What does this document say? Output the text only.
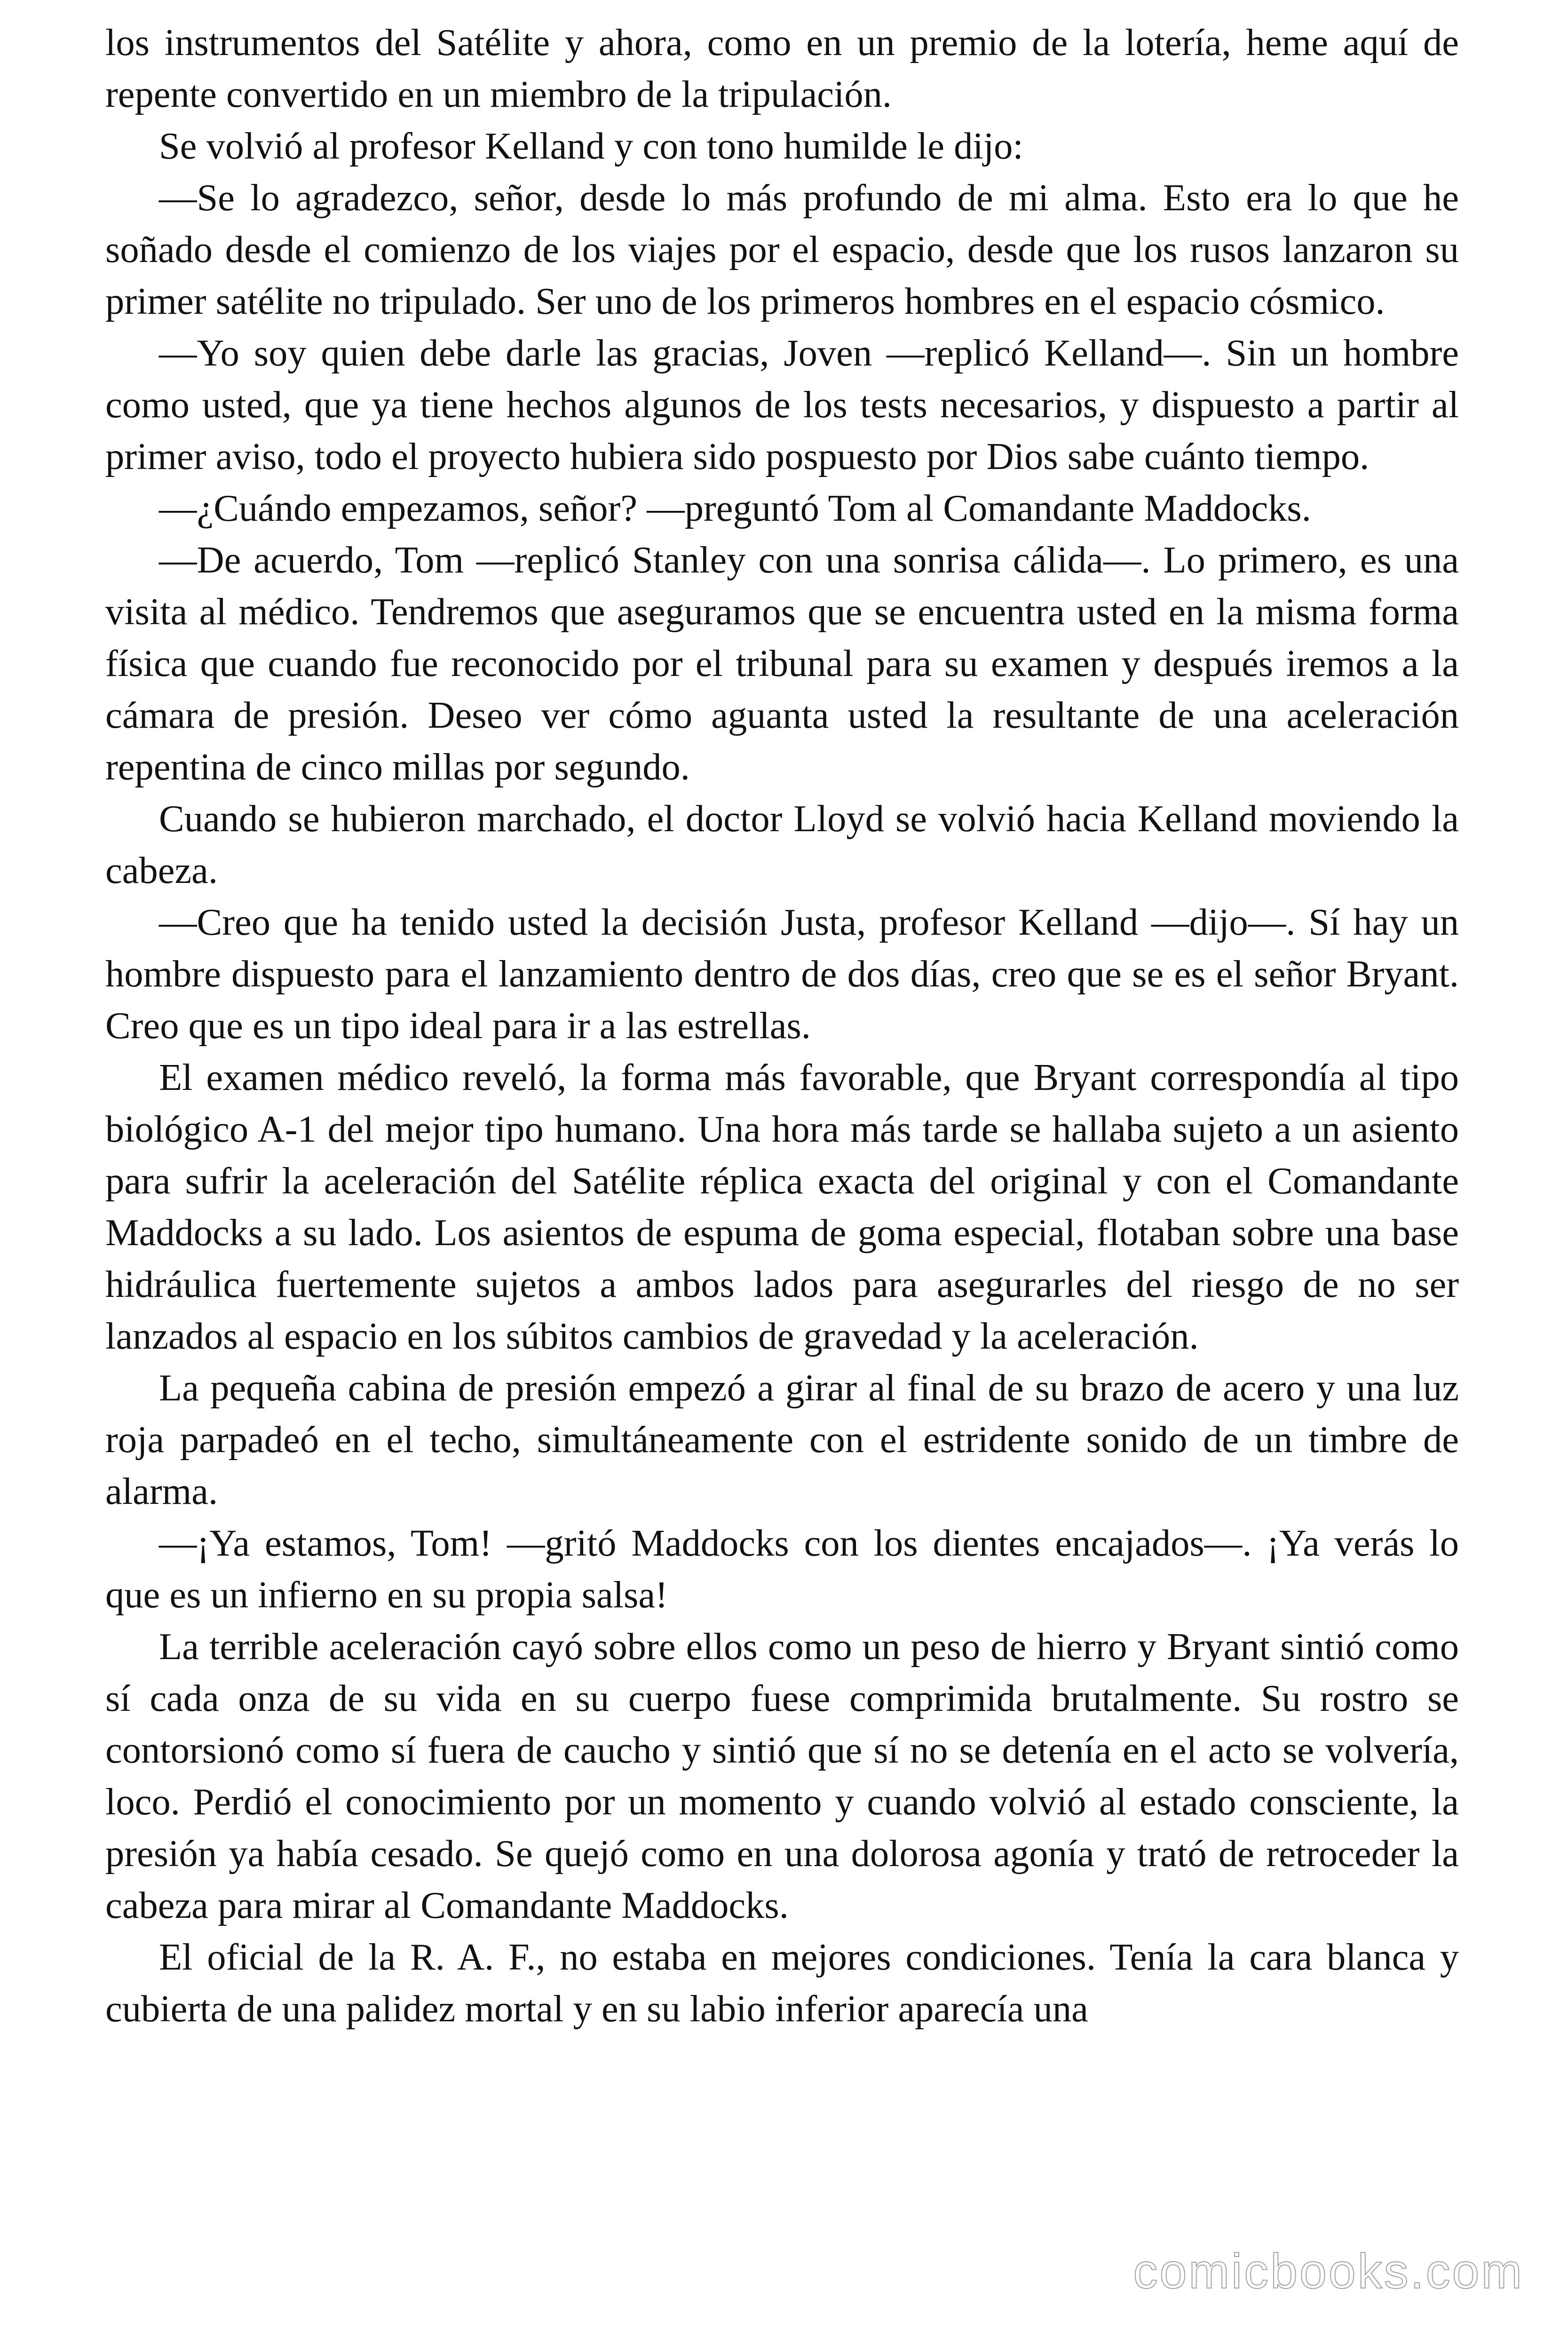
los instrumentos del Satélite y ahora, como en un premio de la lotería, heme aquí de repente convertido en un miembro de la tripulación.

Se volvió al profesor Kelland y con tono humilde le dijo:

—Se lo agradezco, señor, desde lo más profundo de mi alma. Esto era lo que he soñado desde el comienzo de los viajes por el espacio, desde que los rusos lanzaron su primer satélite no tripulado. Ser uno de los primeros hombres en el espacio cósmico.

—Yo soy quien debe darle las gracias, Joven —replicó Kelland—. Sin un hombre como usted, que ya tiene hechos algunos de los tests necesarios, y dispuesto a partir al primer aviso, todo el proyecto hubiera sido pospuesto por Dios sabe cuánto tiempo.

—¿Cuándo empezamos, señor? —preguntó Tom al Comandante Maddocks.

—De acuerdo, Tom —replicó Stanley con una sonrisa cálida—. Lo primero, es una visita al médico. Tendremos que aseguramos que se encuentra usted en la misma forma física que cuando fue reconocido por el tribunal para su examen y después iremos a la cámara de presión. Deseo ver cómo aguanta usted la resultante de una aceleración repentina de cinco millas por segundo.

Cuando se hubieron marchado, el doctor Lloyd se volvió hacia Kelland moviendo la cabeza.

—Creo que ha tenido usted la decisión Justa, profesor Kelland —dijo—. Sí hay un hombre dispuesto para el lanzamiento dentro de dos días, creo que se es el señor Bryant. Creo que es un tipo ideal para ir a las estrellas.

El examen médico reveló, la forma más favorable, que Bryant correspondía al tipo biológico A-1 del mejor tipo humano. Una hora más tarde se hallaba sujeto a un asiento para sufrir la aceleración del Satélite réplica exacta del original y con el Comandante Maddocks a su lado. Los asientos de espuma de goma especial, flotaban sobre una base hidráulica fuertemente sujetos a ambos lados para asegurarles del riesgo de no ser lanzados al espacio en los súbitos cambios de gravedad y la aceleración.

La pequeña cabina de presión empezó a girar al final de su brazo de acero y una luz roja parpadeó en el techo, simultáneamente con el estridente sonido de un timbre de alarma.

—¡Ya estamos, Tom! —gritó Maddocks con los dientes encajados—. ¡Ya verás lo que es un infierno en su propia salsa!

La terrible aceleración cayó sobre ellos como un peso de hierro y Bryant sintió como sí cada onza de su vida en su cuerpo fuese comprimida brutalmente. Su rostro se contorsionó como sí fuera de caucho y sintió que sí no se detenía en el acto se volvería, loco. Perdió el conocimiento por un momento y cuando volvió al estado consciente, la presión ya había cesado. Se quejó como en una dolorosa agonía y trató de retroceder la cabeza para mirar al Comandante Maddocks.

El oficial de la R. A. F., no estaba en mejores condiciones. Tenía la cara blanca y cubierta de una palidez mortal y en su labio inferior aparecía una

comicbooks.com
